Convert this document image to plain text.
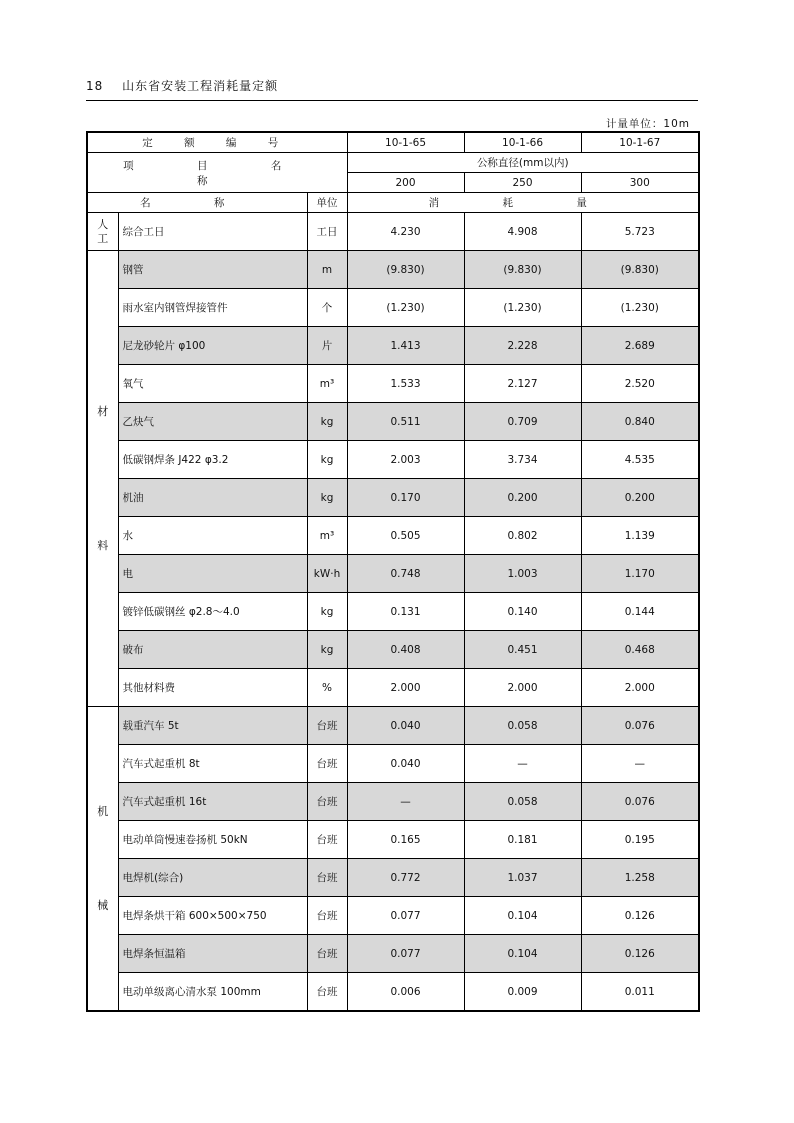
18 山东省安装工程消耗量定额
计量单位：10m
定 额 编 号			10-1-65	10-1-66	10-1-67
项 目 名 称			公称直径(mm以内)		
			200	250	300
名 称		单位	消 耗 量		

人
工	综合工日	工日	4.230	4.908	5.723

材
料	钢管	m	(9.830)	(9.830)	(9.830)
	雨水室内钢管焊接管件	个	(1.230)	(1.230)	(1.230)
	尼龙砂轮片 φ100	片	1.413	2.228	2.689
	氧气	m³	1.533	2.127	2.520
	乙炔气	kg	0.511	0.709	0.840
	低碳钢焊条 J422 φ3.2	kg	2.003	3.734	4.535
	机油	kg	0.170	0.200	0.200
	水	m³	0.505	0.802	1.139
	电	kW·h	0.748	1.003	1.170
	镀锌低碳钢丝 φ2.8～4.0	kg	0.131	0.140	0.144
	破布	kg	0.408	0.451	0.468
	其他材料费	%	2.000	2.000	2.000

机
械	载重汽车 5t	台班	0.040	0.058	0.076
	汽车式起重机 8t	台班	0.040	—	—
	汽车式起重机 16t	台班	—	0.058	0.076
	电动单筒慢速卷扬机 50kN	台班	0.165	0.181	0.195
	电焊机(综合)	台班	0.772	1.037	1.258
	电焊条烘干箱 600×500×750	台班	0.077	0.104	0.126
	电焊条恒温箱	台班	0.077	0.104	0.126
	电动单级离心清水泵 100mm	台班	0.006	0.009	0.011
